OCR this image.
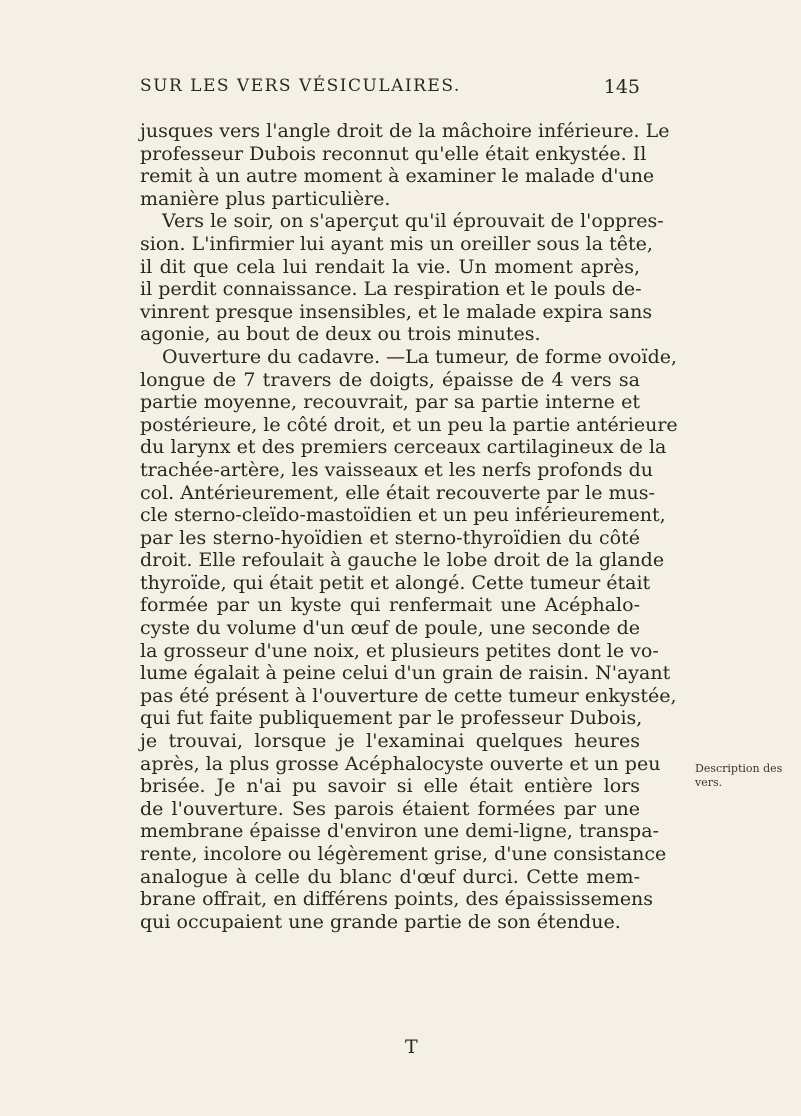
SUR LES VERS VÉSICULAIRES.	145
jusques vers l'angle droit de la mâchoire inférieure. Le
professeur Dubois reconnut qu'elle était enkystée. Il
remit à un autre moment à examiner le malade d'une
manière plus particulière.
Vers le soir, on s'aperçut qu'il éprouvait de l'oppres-
sion. L'infirmier lui ayant mis un oreiller sous la tête,
il dit que cela lui rendait la vie. Un moment après,
il perdit connaissance. La respiration et le pouls de-
vinrent presque insensibles, et le malade expira sans
agonie, au bout de deux ou trois minutes.
Ouverture du cadavre. —La tumeur, de forme ovoïde,
longue de 7 travers de doigts, épaisse de 4 vers sa
partie moyenne, recouvrait, par sa partie interne et
postérieure, le côté droit, et un peu la partie antérieure
du larynx et des premiers cerceaux cartilagineux de la
trachée-artère, les vaisseaux et les nerfs profonds du
col. Antérieurement, elle était recouverte par le mus-
cle sterno-cleïdo-mastoïdien et un peu inférieurement,
par les sterno-hyoïdien et sterno-thyroïdien du côté
droit. Elle refoulait à gauche le lobe droit de la glande
thyroïde, qui était petit et alongé. Cette tumeur était
formée par un kyste qui renfermait une Acéphalo-
cyste du volume d'un œuf de poule, une seconde de
la grosseur d'une noix, et plusieurs petites dont le vo-
lume égalait à peine celui d'un grain de raisin. N'ayant
pas été présent à l'ouverture de cette tumeur enkystée,
qui fut faite publiquement par le professeur Dubois,
je trouvai, lorsque je l'examinai quelques heures
après, la plus grosse Acéphalocyste ouverte et un peu
brisée. Je n'ai pu savoir si elle était entière lors
de l'ouverture. Ses parois étaient formées par une
membrane épaisse d'environ une demi-ligne, transpa-
rente, incolore ou légèrement grise, d'une consistance
analogue à celle du blanc d'œuf durci. Cette mem-
brane offrait, en différens points, des épaississemens
qui occupaient une grande partie de son étendue.
Description des
vers.
T
